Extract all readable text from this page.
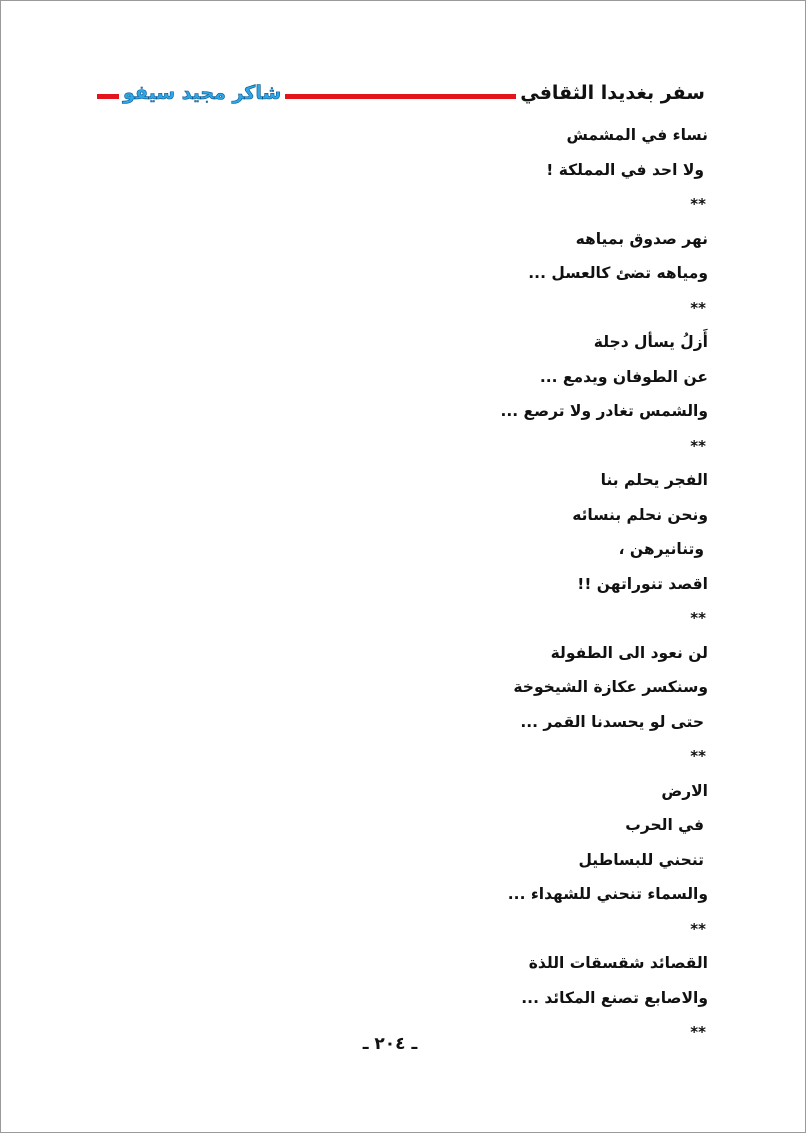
شاكر مجيد سيفو	سفر بغديدا الثقافي
نساء في المشمش
ولا احد في المملكة !
**
نهر صدوق بمياهه
ومياهه تضئ كالعسل ...
**
أَزلُ يسأل دجلة
عن الطوفان ويدمع ...
والشمس تغادر ولا ترصع ...
**
الفجر يحلم بنا
ونحن نحلم بنسائه
وتنانيرهن ،
اقصد تنوراتهن !!
**
لن نعود الى الطفولة
وسنكسر عكازة الشيخوخة
حتى لو يحسدنا القمر ...
**
الارض
في الحرب
تنحني للبساطيل
والسماء تنحني للشهداء ...
**
القصائد شقسقات اللذة
والاصابع تصنع المكائد ...
**
ـ ٢٠٤ ـ
